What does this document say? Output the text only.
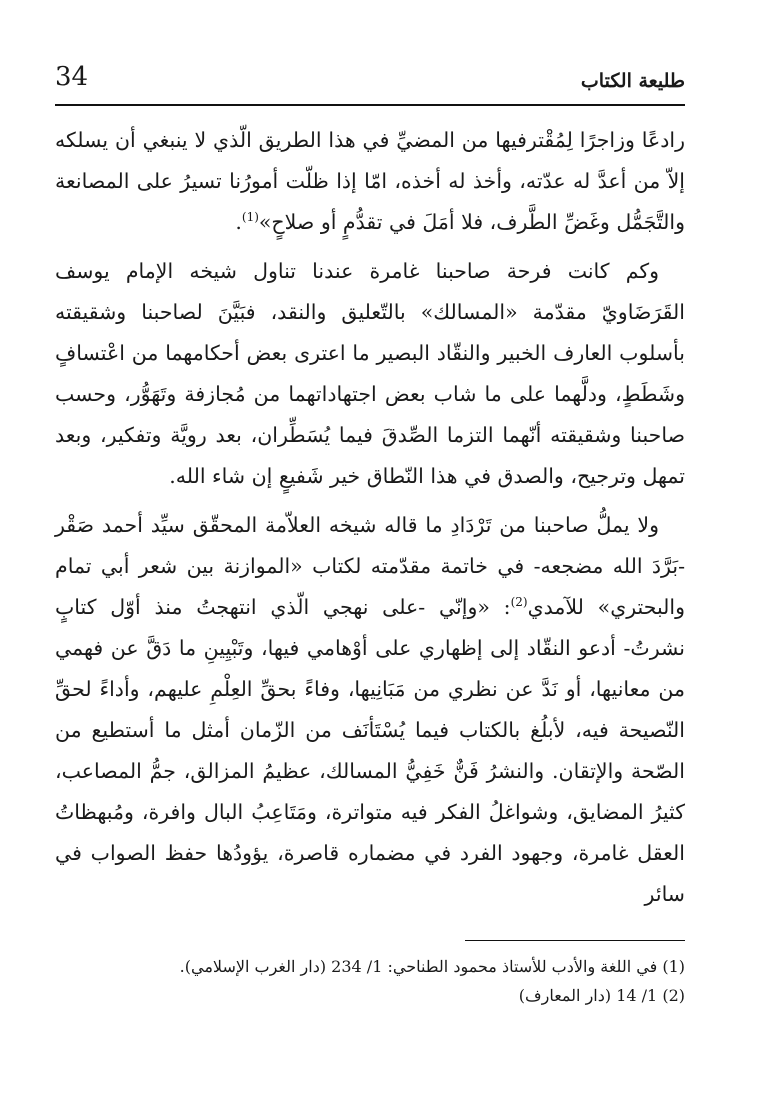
طليعة الكتاب
34

رادعًا وزاجرًا لِمُقْترفيها من المضيِّ في هذا الطريق الّذي لا ينبغي أن يسلكه إلاّ من أعدَّ له عدّته، وأخذ له أخذه، امّا إذا ظلّت أمورُنا تسيرُ على المصانعة والتَّجَمُّل وغَضِّ الطَّرف، فلا أمَلَ في تقدُّمٍ أو صلاحٍ»$^{(1)}$.

وكم كانت فرحة صاحبنا غامرة عندنا تناول شيخه الإمام يوسف القَرَضَاويّ مقدّمة «المسالك» بالتّعليق والنقد، فبَيَّنَ لصاحبنا وشقيقته بأسلوب العارف الخبير والنقّاد البصير ما اعترى بعض أحكامهما من اعْتسافٍ وشَطَطٍ، ودلَّهما على ما شاب بعض اجتهاداتهما من مُجازفة وتَهَوُّر، وحسب صاحبنا وشقيقته أنّهما التزما الصِّدقَ فيما يُسَطِّران، بعد رويَّة وتفكير، وبعد تمهل وترجيح، والصدق في هذا النّطاق خير شَفيعٍ إن شاء الله.

ولا يملُّ صاحبنا من تَرْدَادِ ما قاله شيخه العلاّمة المحقّق سيِّد أحمد صَقْر -بَرَّدَ الله مضجعه- في خاتمة مقدّمته لكتاب «الموازنة بين شعر أبي تمام والبحتري» للآمدي$^{(2)}$: «وإنّي -على نهجي الّذي انتهجتُ منذ أوّل كتابٍ نشرتُ- أدعو النقّاد إلى إظهاري على أوْهامي فيها، وتَبْيِينِ ما دَقَّ عن فهمي من معانيها، أو نَدَّ عن نظري من مَبَانِيها، وفاءً بحقِّ العِلْمِ عليهم، وأداءً لحقِّ النّصيحة فيه، لأبلُغ بالكتاب فيما يُسْتَأنَف من الزّمان أمثل ما أستطيع من الصّحة والإتقان. والنشرُ فَنٌّ خَفِيُّ المسالك، عظيمُ المزالق، جمُّ المصاعب، كثيرُ المضايق، وشواغلُ الفكر فيه متواترة، ومَتَاعِبُ البال وافرة، ومُبهظاتُ العقل غامرة، وجهود الفرد في مضماره قاصرة، يؤودُها حفظ الصواب في سائر

(1) في اللغة والأدب للأستاذ محمود الطناحي: 1/ 234 (دار الغرب الإسلامي).
(2) 1/ 14 (دار المعارف)
